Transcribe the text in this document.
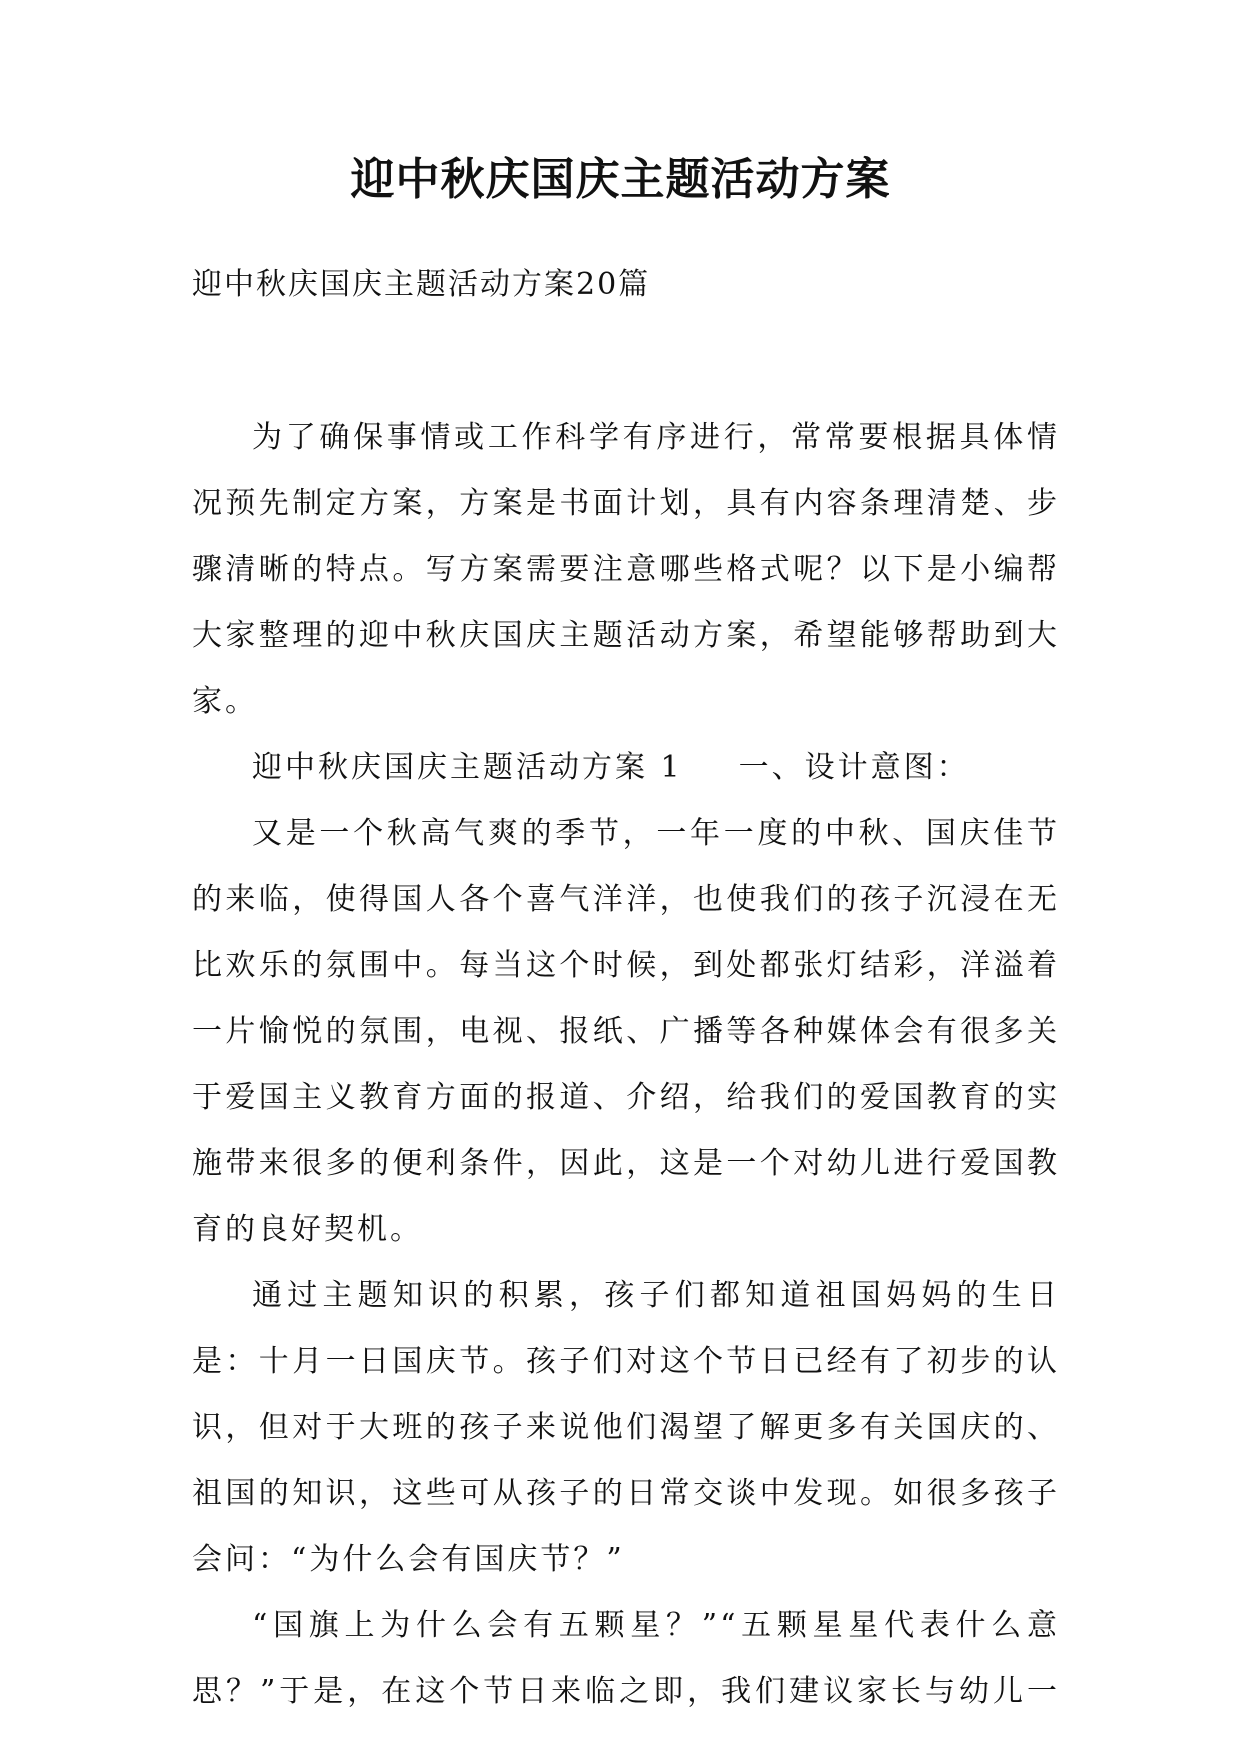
迎中秋庆国庆主题活动方案

迎中秋庆国庆主题活动方案20篇

为了确保事情或工作科学有序进行，常常要根据具体情况预先制定方案，方案是书面计划，具有内容条理清楚、步骤清晰的特点。写方案需要注意哪些格式呢？以下是小编帮大家整理的迎中秋庆国庆主题活动方案，希望能够帮助到大家。

迎中秋庆国庆主题活动方案 1 一、设计意图：

又是一个秋高气爽的季节，一年一度的中秋、国庆佳节的来临，使得国人各个喜气洋洋，也使我们的孩子沉浸在无比欢乐的氛围中。每当这个时候，到处都张灯结彩，洋溢着一片愉悦的氛围，电视、报纸、广播等各种媒体会有很多关于爱国主义教育方面的报道、介绍，给我们的爱国教育的实施带来很多的便利条件，因此，这是一个对幼儿进行爱国教育的良好契机。

通过主题知识的积累，孩子们都知道祖国妈妈的生日是：十月一日国庆节。孩子们对这个节日已经有了初步的认识，但对于大班的孩子来说他们渴望了解更多有关国庆的、祖国的知识，这些可从孩子的日常交谈中发现。如很多孩子会问：“为什么会有国庆节？”

“国旗上为什么会有五颗星？”“五颗星星代表什么意思？”于是，在这个节日来临之即，我们建议家长与幼儿一
